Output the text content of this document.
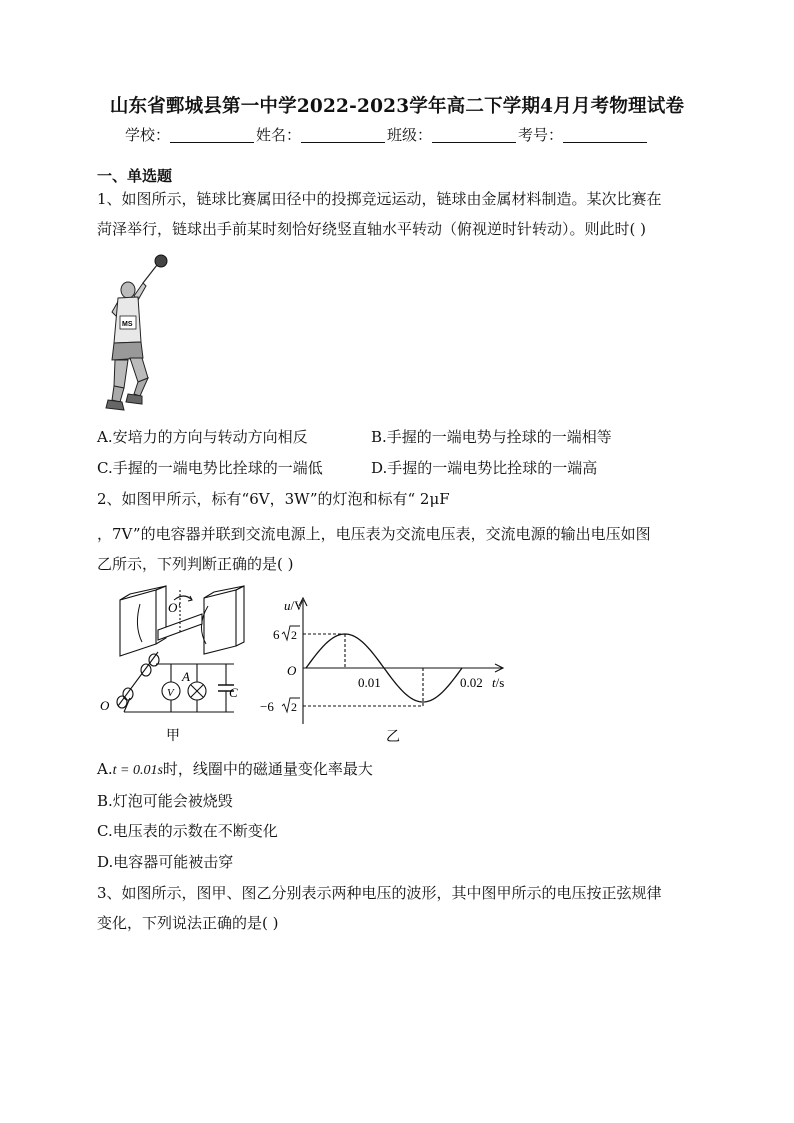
山东省鄄城县第一中学2022-2023学年高二下学期4月月考物理试卷
学校：	姓名：	班级：	考号：
一、单选题
1、如图所示，链球比赛属田径中的投掷竞远运动，链球由金属材料制造。某次比赛在
菏泽举行，链球出手前某时刻恰好绕竖直轴水平转动（俯视逆时针转动）。则此时( )
MS
A.安培力的方向与转动方向相反	B.手握的一端电势与拴球的一端相等
C.手握的一端电势比拴球的一端低	D.手握的一端电势比拴球的一端高
2、如图甲所示，标有“6V，3W”的灯泡和标有“ 2μF
，7V”的电容器并联到交流电源上，电压表为交流电压表，交流电源的输出电压如图
乙所示，下列判断正确的是( )
O′
V
A
C
O
甲
u/V
O
6 2
−6 2
0.01	0.02 t/s
乙
A.t = 0.01s时，线圈中的磁通量变化率最大
B.灯泡可能会被烧毁
C.电压表的示数在不断变化
D.电容器可能被击穿
3、如图所示，图甲、图乙分别表示两种电压的波形，其中图甲所示的电压按正弦规律
变化，下列说法正确的是( )
